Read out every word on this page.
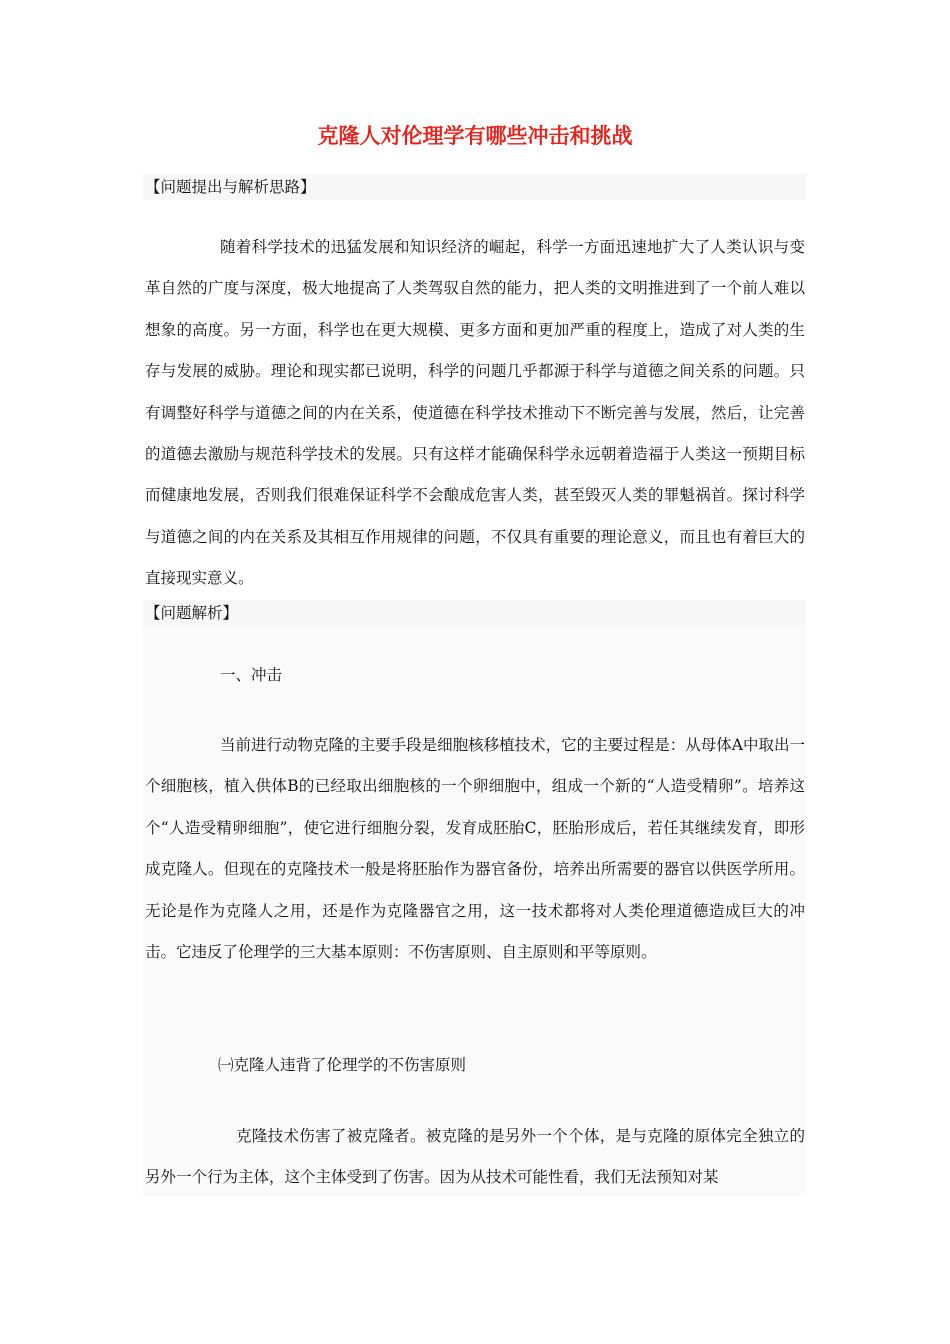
克隆人对伦理学有哪些冲击和挑战
【问题提出与解析思路】
随着科学技术的迅猛发展和知识经济的崛起，科学一方面迅速地扩大了人类认识与变革自然的广度与深度，极大地提高了人类驾驭自然的能力，把人类的文明推进到了一个前人难以想象的高度。另一方面，科学也在更大规模、更多方面和更加严重的程度上，造成了对人类的生存与发展的威胁。理论和现实都已说明，科学的问题几乎都源于科学与道德之间关系的问题。只有调整好科学与道德之间的内在关系，使道德在科学技术推动下不断完善与发展，然后，让完善的道德去激励与规范科学技术的发展。只有这样才能确保科学永远朝着造福于人类这一预期目标而健康地发展，否则我们很难保证科学不会酿成危害人类，甚至毁灭人类的罪魁祸首。探讨科学与道德之间的内在关系及其相互作用规律的问题，不仅具有重要的理论意义，而且也有着巨大的直接现实意义。
【问题解析】
一、冲击
当前进行动物克隆的主要手段是细胞核移植技术，它的主要过程是：从母体A中取出一个细胞核，植入供体B的已经取出细胞核的一个卵细胞中，组成一个新的“人造受精卵”。培养这个“人造受精卵细胞”，使它进行细胞分裂，发育成胚胎C，胚胎形成后，若任其继续发育，即形成克隆人。但现在的克隆技术一般是将胚胎作为器官备份，培养出所需要的器官以供医学所用。无论是作为克隆人之用，还是作为克隆器官之用，这一技术都将对人类伦理道德造成巨大的冲击。它违反了伦理学的三大基本原则：不伤害原则、自主原则和平等原则。
㈠克隆人违背了伦理学的不伤害原则
克隆技术伤害了被克隆者。被克隆的是另外一个个体，是与克隆的原体完全独立的另外一个行为主体，这个主体受到了伤害。因为从技术可能性看，我们无法预知对某
